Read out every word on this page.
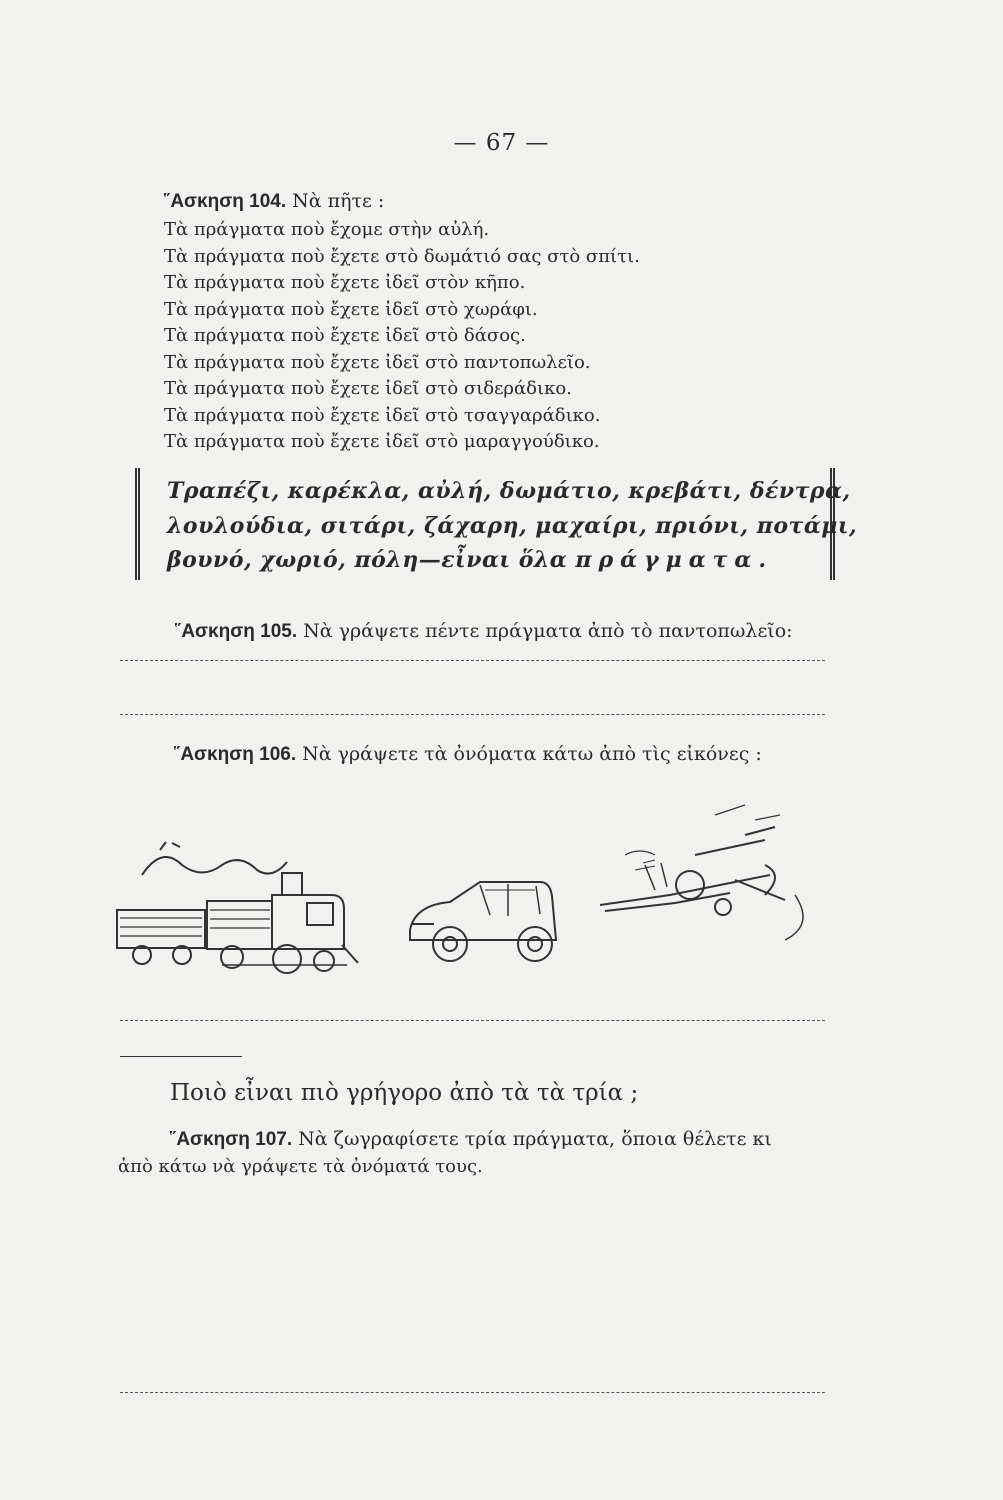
— 67 —
῞Ασκηση 104. Νὰ πῆτε :
Τὰ πράγματα ποὺ ἔχομε στὴν αὐλή.
Τὰ πράγματα ποὺ ἔχετε στὸ δωμάτιό σας στὸ σπίτι.
Τὰ πράγματα ποὺ ἔχετε ἰδεῖ στὸν κῆπο.
Τὰ πράγματα ποὺ ἔχετε ἰδεῖ στὸ χωράφι.
Τὰ πράγματα ποὺ ἔχετε ἰδεῖ στὸ δάσος.
Τὰ πράγματα ποὺ ἔχετε ἰδεῖ στὸ παντοπωλεῖο.
Τὰ πράγματα ποὺ ἔχετε ἰδεῖ στὸ σιδεράδικο.
Τὰ πράγματα ποὺ ἔχετε ἰδεῖ στὸ τσαγγαράδικο.
Τὰ πράγματα ποὺ ἔχετε ἰδεῖ στὸ μαραγγούδικο.

Τραπέζι, καρέκλα, αὐλή, δωμάτιο, κρεβάτι, δέντρα,

λουλούδια, σιτάρι, ζάχαρη, μαχαίρι, πριόνι, ποτάμι,

βουνό, χωριό, πόλη—εἶναι ὅλα πράγματα.

῞Ασκηση 105. Νὰ γράψετε πέντε πράγματα ἀπὸ τὸ παντοπωλεῖο:
῞Ασκηση 106. Νὰ γράψετε τὰ ὀνόματα κάτω ἀπὸ τὶς εἰκόνες :
Ποιὸ εἶναι πιὸ γρήγορο ἀπὸ τὰ τὰ τρία ;
῞Ασκηση 107. Νὰ ζωγραφίσετε τρία πράγματα, ὅποια θέλετε κι
ἀπὸ κάτω νὰ γράψετε τὰ ὀνόματά τους.
